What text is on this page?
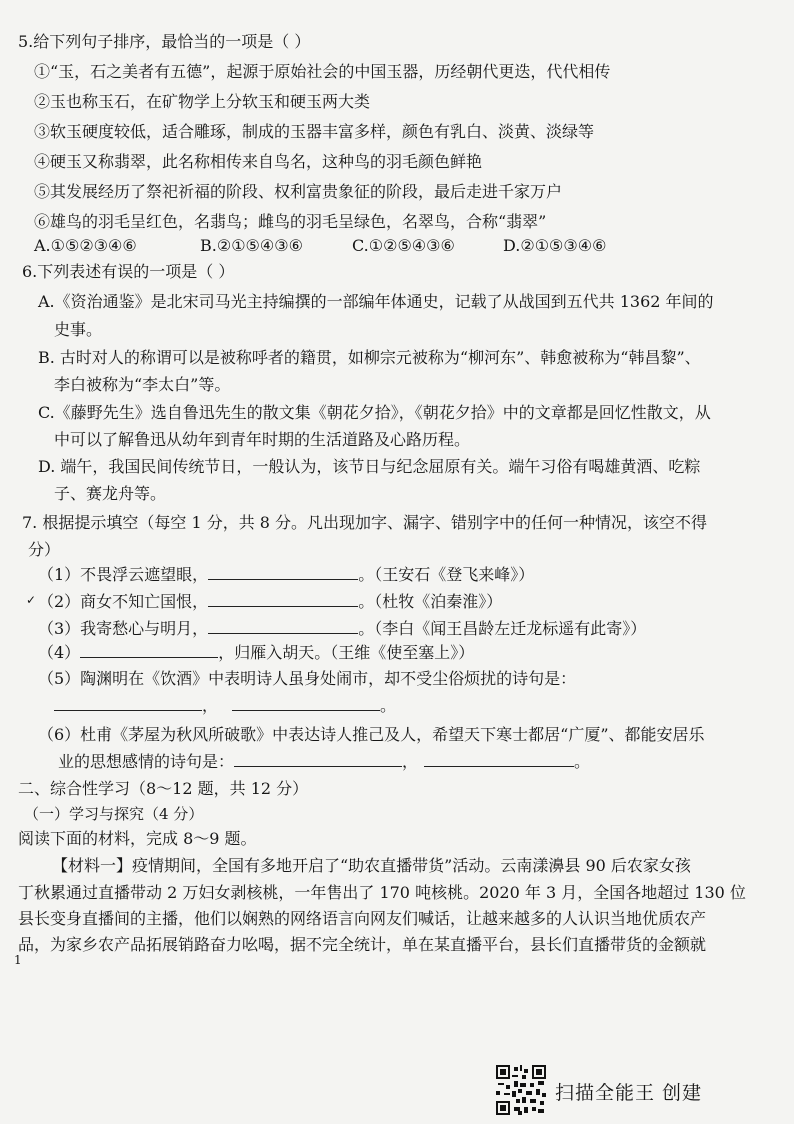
5.给下列句子排序，最恰当的一项是（ ）
①“玉，石之美者有五德”，起源于原始社会的中国玉器，历经朝代更迭，代代相传
②玉也称玉石，在矿物学上分软玉和硬玉两大类
③软玉硬度较低，适合雕琢，制成的玉器丰富多样，颜色有乳白、淡黄、淡绿等
④硬玉又称翡翠，此名称相传来自鸟名，这种鸟的羽毛颜色鲜艳
⑤其发展经历了祭祀祈福的阶段、权利富贵象征的阶段，最后走进千家万户
⑥雄鸟的羽毛呈红色，名翡鸟；雌鸟的羽毛呈绿色，名翠鸟，合称“翡翠”
A.①⑤②③④⑥	B.②①⑤④③⑥	C.①②⑤④③⑥	D.②①⑤③④⑥
6.下列表述有误的一项是（ ）
A.《资治通鉴》是北宋司马光主持编撰的一部编年体通史，记载了从战国到五代共 1362 年间的
史事。
B. 古时对人的称谓可以是被称呼者的籍贯，如柳宗元被称为“柳河东”、韩愈被称为“韩昌黎”、
李白被称为“李太白”等。
C.《藤野先生》选自鲁迅先生的散文集《朝花夕拾》，《朝花夕拾》中的文章都是回忆性散文，从
中可以了解鲁迅从幼年到青年时期的生活道路及心路历程。
D. 端午，我国民间传统节日，一般认为，该节日与纪念屈原有关。端午习俗有喝雄黄酒、吃粽
子、赛龙舟等。
7. 根据提示填空（每空 1 分，共 8 分。凡出现加字、漏字、错别字中的任何一种情况，该空不得
分）
（1）不畏浮云遮望眼，	。（王安石《登飞来峰》）
✓ （2）商女不知亡国恨，	。（杜牧《泊秦淮》）
（3）我寄愁心与明月，	。（李白《闻王昌龄左迁龙标遥有此寄》）
（4）	，归雁入胡天。（王维《使至塞上》）
（5）陶渊明在《饮酒》中表明诗人虽身处闹市，却不受尘俗烦扰的诗句是：
，	。
（6）杜甫《茅屋为秋风所破歌》中表达诗人推己及人，希望天下寒士都居“广厦”、都能安居乐
业的思想感情的诗句是：	，	。
二、综合性学习（8～12 题，共 12 分）
（一）学习与探究（4 分）
阅读下面的材料，完成 8～9 题。
【材料一】疫情期间，全国有多地开启了“助农直播带货”活动。云南漾濞县 90 后农家女孩
丁秋累通过直播带动 2 万妇女剥核桃，一年售出了 170 吨核桃。2020 年 3 月，全国各地超过 130 位
县长变身直播间的主播，他们以娴熟的网络语言向网友们喊话，让越来越多的人认识当地优质农产
品，为家乡农产品拓展销路奋力吆喝，据不完全统计，单在某直播平台，县长们直播带货的金额就
1
扫描全能王 创建
